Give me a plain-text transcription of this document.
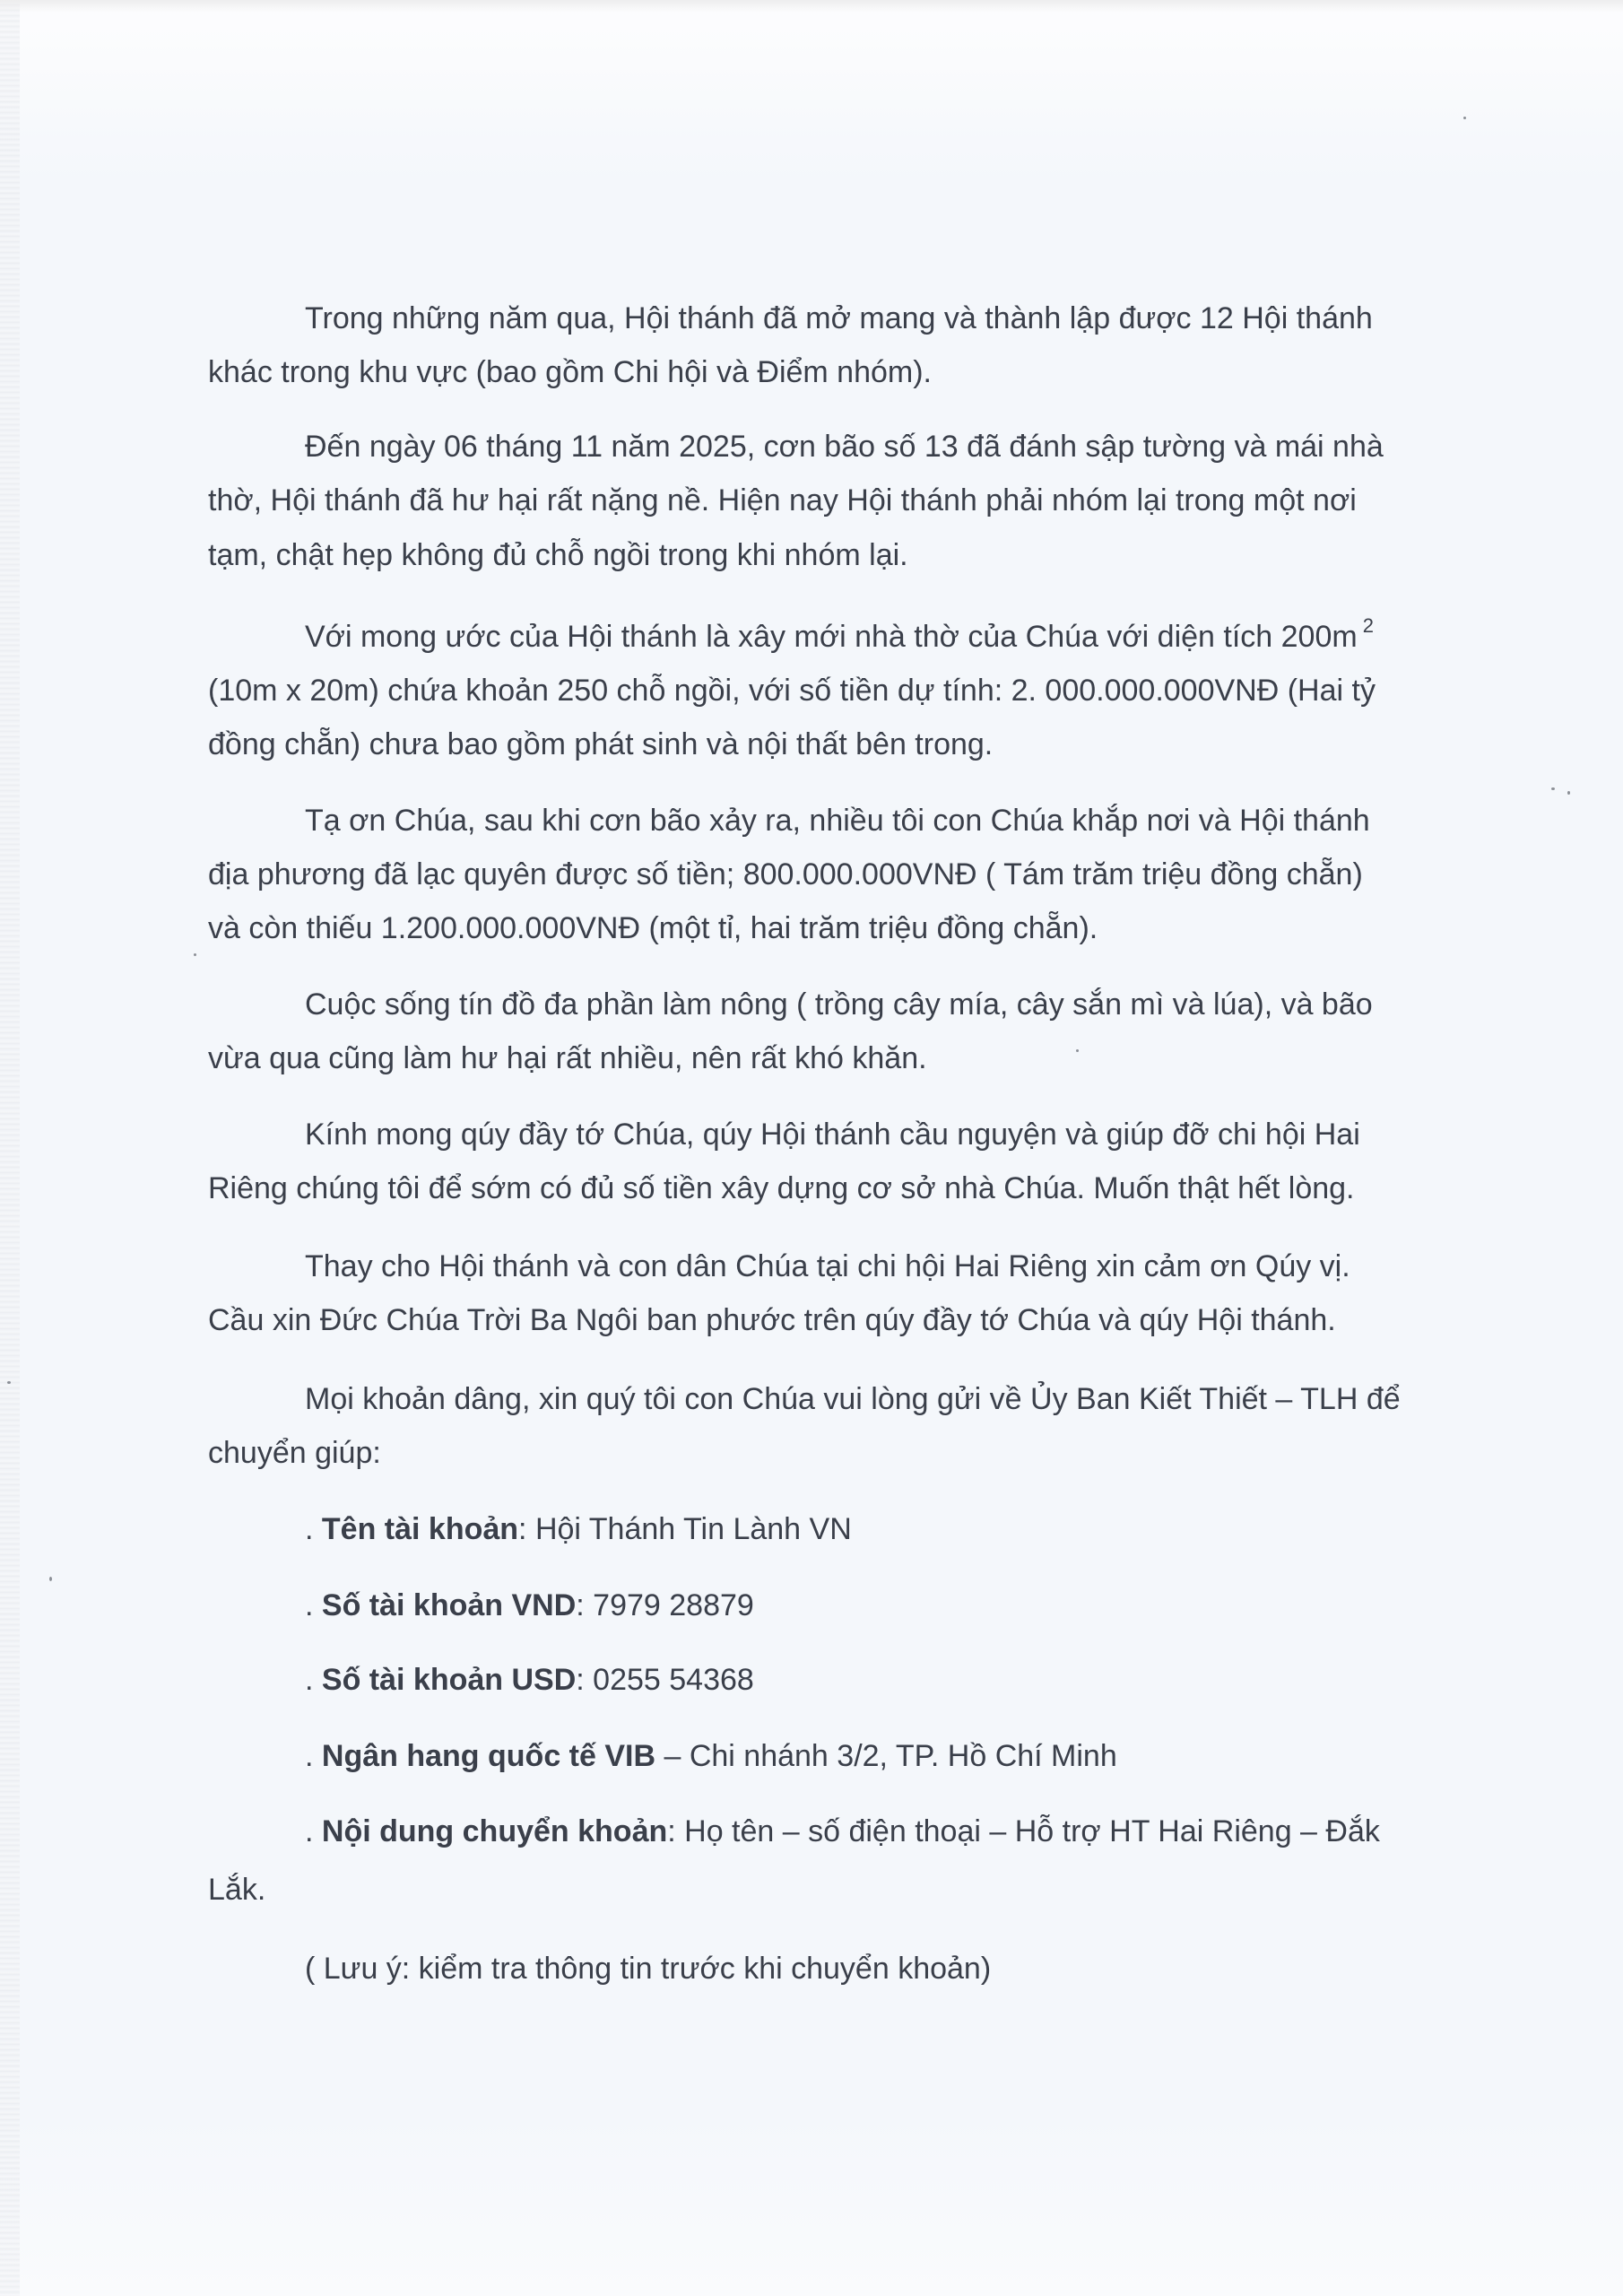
Trong những năm qua, Hội thánh đã mở mang và thành lập được 12 Hội thánh

khác trong khu vực (bao gồm Chi hội và Điểm nhóm).

Đến ngày 06 tháng 11 năm 2025, cơn bão số 13 đã đánh sập tường và mái nhà

thờ, Hội thánh đã hư hại rất nặng nề. Hiện nay Hội thánh phải nhóm lại trong một nơi

tạm, chật hẹp không đủ chỗ ngồi trong khi nhóm lại.

Với mong ước của Hội thánh là xây mới nhà thờ của Chúa với diện tích 200m $^2$

(10m x 20m) chứa khoản 250 chỗ ngồi, với số tiền dự tính: 2. 000.000.000VNĐ (Hai tỷ

đồng chẵn) chưa bao gồm phát sinh và nội thất bên trong.

Tạ ơn Chúa, sau khi cơn bão xảy ra, nhiều tôi con Chúa khắp nơi và Hội thánh

địa phương đã lạc quyên được số tiền; 800.000.000VNĐ ( Tám trăm triệu đồng chẵn)

và còn thiếu 1.200.000.000VNĐ (một tỉ, hai trăm triệu đồng chẵn).

Cuộc sống tín đồ đa phần làm nông ( trồng cây mía, cây sắn mì và lúa), và bão

vừa qua cũng làm hư hại rất nhiều, nên rất khó khăn.

Kính mong qúy đầy tớ Chúa, qúy Hội thánh cầu nguyện và giúp đỡ chi hội Hai

Riêng chúng tôi để sớm có đủ số tiền xây dựng cơ sở nhà Chúa. Muốn thật hết lòng.

Thay cho Hội thánh và con dân Chúa tại chi hội Hai Riêng xin cảm ơn Qúy vị.

Cầu xin Đức Chúa Trời Ba Ngôi ban phước trên qúy đầy tớ Chúa và qúy Hội thánh.

Mọi khoản dâng, xin quý tôi con Chúa vui lòng gửi về Ủy Ban Kiết Thiết – TLH để

chuyển giúp:

. Tên tài khoản: Hội Thánh Tin Lành VN

. Số tài khoản VND: 7979 28879

. Số tài khoản USD: 0255 54368

. Ngân hang quốc tế VIB – Chi nhánh 3/2, TP. Hồ Chí Minh

. Nội dung chuyển khoản: Họ tên – số điện thoại – Hỗ trợ HT Hai Riêng – Đắk

Lắk.

( Lưu ý: kiểm tra thông tin trước khi chuyển khoản)
